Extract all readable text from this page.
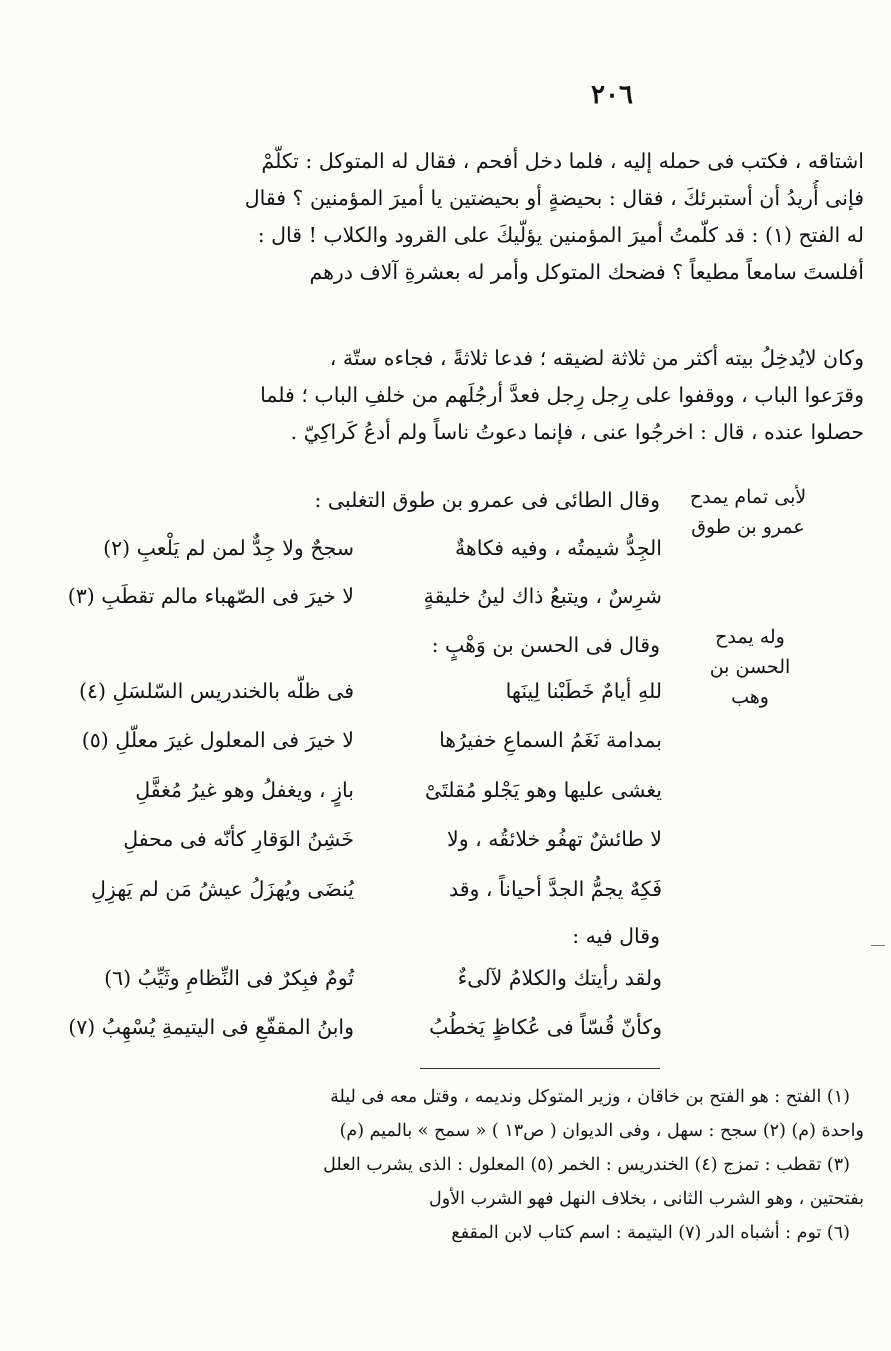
٢٠٦
اشتاقه ، فكتب فى حمله إليه ، فلما دخل أفحم ، فقال له المتوكل : تكلّمْ
فإنى أُريدُ أن أستبرئكَ ، فقال : بحيضةٍ أو بحيضتين يا أميرَ المؤمنين ؟ فقال
له الفتح (١) : قد كلّمتُ أميرَ المؤمنين يؤلّيكَ على القرود والكلاب ! قال :
أفلستَ سامعاً مطيعاً ؟ فضحك المتوكل وأمر له بعشرةِ آلاف درهم
وكان لايُدخِلُ بيته أكثر من ثلاثة لضيقه ؛ فدعا ثلاثةً ، فجاءه ستّة ،
وقرَعوا الباب ، ووقفوا على رِجل رِجل فعدَّ أرجُلَهم من خلفِ الباب ؛ فلما
حصلوا عنده ، قال : اخرجُوا عنى ، فإنما دعوتُ ناساً ولم أدعُ كَراكِيّ .
وقال الطائى فى عمرو بن طوق التغلبى : لأبى تمام يمدح
عمرو بن طوق
الجِدُّ شيمتُه ، وفيه فكاهةٌ
سجحٌ ولا جِدٌّ لمن لم يَلْعبِ (٢)
شرِسٌ ، ويتبعُ ذاك لينُ خليقةٍ
لا خيرَ فى الصّهباء مالم تقطَبِ (٣)
وقال فى الحسن بن وَهْبٍ :	وله يمدح
الحسن بن
وهب
للهِ أيامٌ خَطَبْنا لِينَها
فى ظلّه بالخندريس السّلسَلِ (٤)
بمدامة نَغَمُ السماعِ خفيرُها
لا خيرَ فى المعلول غيرَ معلّلِ (٥)
يغشى عليها وهو يَجْلو مُقلتَىْ
بازٍ ، ويغفلُ وهو غيرُ مُغفَّلِ
لا طائشٌ تهفُو خلائقُه ، ولا
خَشِنُ الوَقارِ كأنّه فى محفلِ
فَكِهٌ يجمُّ الجدَّ أحياناً ، وقد
يُنضَى ويُهزَلُ عيشُ مَن لم يَهزِلِ
وقال فيه :
ولقد رأيتك والكلامُ لآلىءٌ
تُومٌ فبِكرٌ فى النِّظامِ وثَيِّبُ (٦)
وكأنّ قُسّاً فى عُكاظٍ يَخطُبُ
وابنُ المقفّعِ فى اليتيمةِ يُسْهِبُ (٧)
(١) الفتح : هو الفتح بن خاقان ، وزير المتوكل ونديمه ، وقتل معه فى ليلة
واحدة (م) (٢) سجح : سهل ، وفى الديوان ( ص١٣ ) « سمح » بالميم (م)
(٣) تقطب : تمزج (٤) الخندريس : الخمر (٥) المعلول : الذى يشرب العلل
بفتحتين ، وهو الشرب الثانى ، بخلاف النهل فهو الشرب الأول
(٦) توم : أشباه الدر (٧) اليتيمة : اسم كتاب لابن المقفع
